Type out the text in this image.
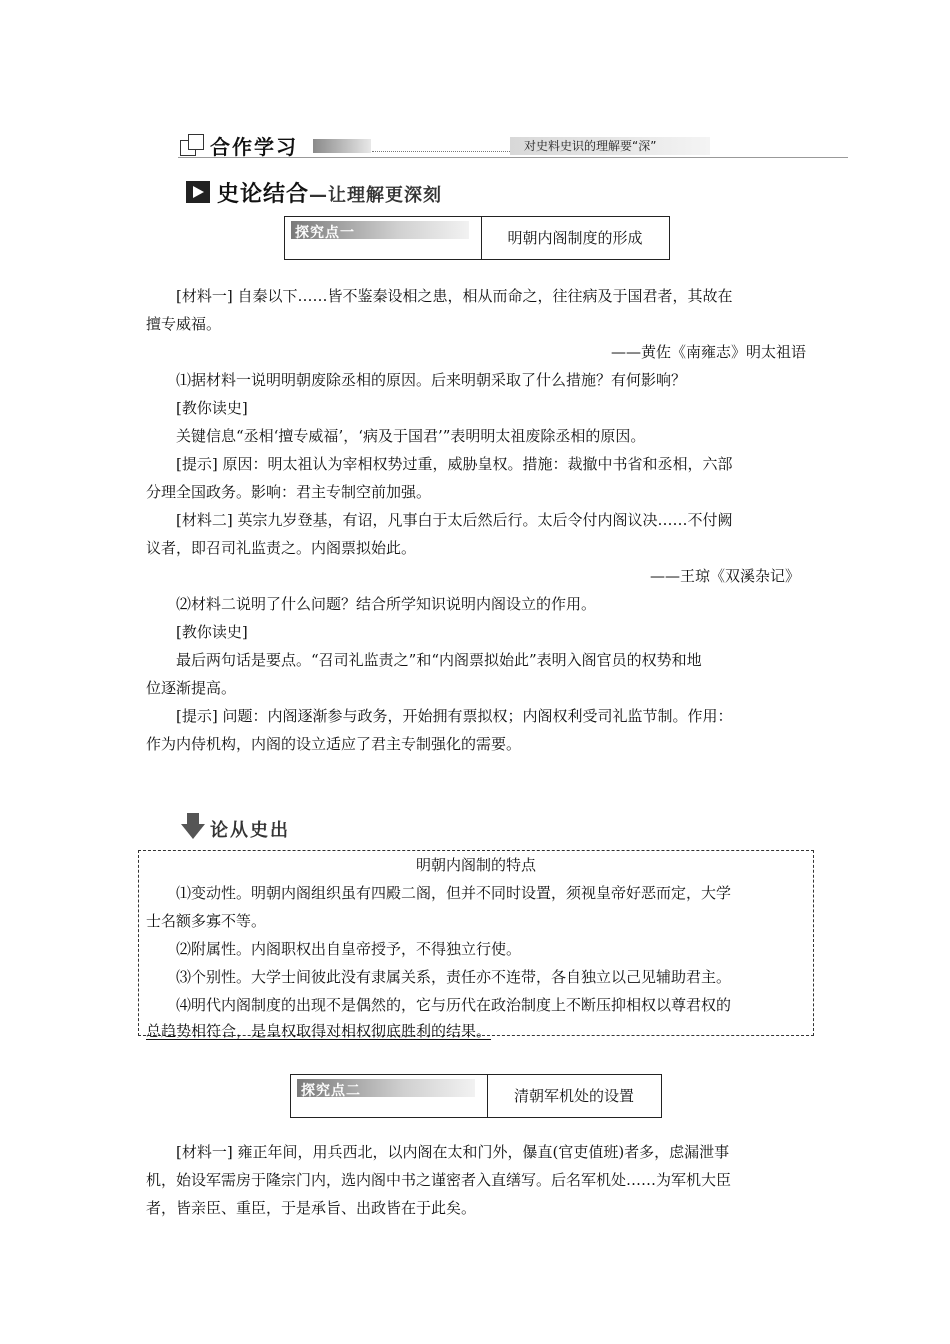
合作学习	对史料史识的理解要“深”
史论结合—让理解更深刻
探究点一	明朝内阁制度的形成
[材料一] 自秦以下……皆不鉴秦设相之患，相从而命之，往往病及于国君者，其故在
擅专威福。
——黄佐《南雍志》明太祖语
⑴据材料一说明明朝废除丞相的原因。后来明朝采取了什么措施？有何影响？
[教你读史]
关键信息“丞相‘擅专威福’，‘病及于国君’”表明明太祖废除丞相的原因。
[提示] 原因：明太祖认为宰相权势过重，威胁皇权。措施：裁撤中书省和丞相，六部
分理全国政务。影响：君主专制空前加强。
[材料二] 英宗九岁登基，有诏，凡事白于太后然后行。太后令付内阁议决……不付阙
议者，即召司礼监责之。内阁票拟始此。
——王琼《双溪杂记》
⑵材料二说明了什么问题？结合所学知识说明内阁设立的作用。
[教你读史]
最后两句话是要点。“召司礼监责之”和“内阁票拟始此”表明入阁官员的权势和地
位逐渐提高。
[提示] 问题：内阁逐渐参与政务，开始拥有票拟权；内阁权利受司礼监节制。作用：
作为内侍机构，内阁的设立适应了君主专制强化的需要。
论从史出
明朝内阁制的特点
⑴变动性。明朝内阁组织虽有四殿二阁，但并不同时设置，须视皇帝好恶而定，大学
士名额多寡不等。
⑵附属性。内阁职权出自皇帝授予，不得独立行使。
⑶个别性。大学士间彼此没有隶属关系，责任亦不连带，各自独立以己见辅助君主。
⑷明代内阁制度的出现不是偶然的，它与历代在政治制度上不断压抑相权以尊君权的
总趋势相符合，是皇权取得对相权彻底胜利的结果。
探究点二	清朝军机处的设置
[材料一] 雍正年间，用兵西北，以内阁在太和门外，儤直(官吏值班)者多，虑漏泄事
机，始设军需房于隆宗门内，选内阁中书之谨密者入直缮写。后名军机处……为军机大臣
者，皆亲臣、重臣，于是承旨、出政皆在于此矣。
